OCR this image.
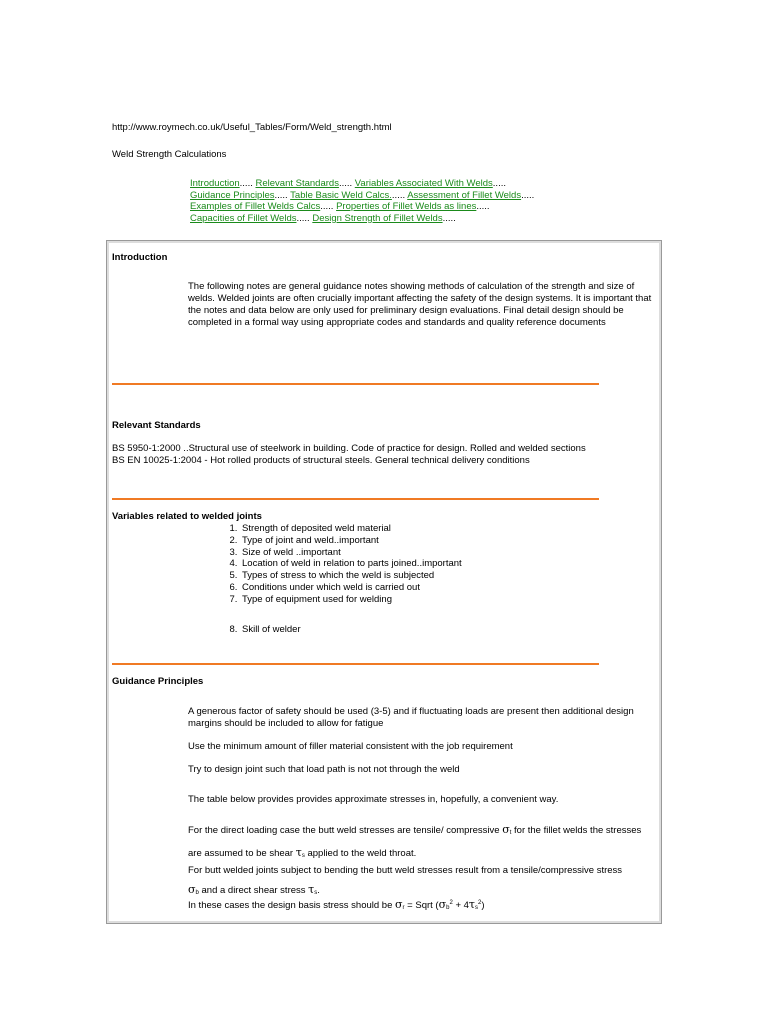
http://www.roymech.co.uk/Useful_Tables/Form/Weld_strength.html
Weld Strength Calculations
Introduction..... Relevant Standards..... Variables Associated With Welds.....
Guidance Principles..... Table Basic Weld Calcs...... Assessment of Fillet Welds.....
Examples of Fillet Welds Calcs..... Properties of Fillet Welds as lines.....
Capacities of Fillet Welds..... Design Strength of Fillet Welds.....
Introduction
The following notes are general guidance notes showing methods of calculation of the strength and size of welds. Welded joints are often crucially important affecting the safety of the design systems. It is important that the notes and data below are only used for preliminary design evaluations. Final detail design should be completed in a formal way using appropriate codes and standards and quality reference documents
Relevant Standards
BS 5950-1:2000 ..Structural use of steelwork in building. Code of practice for design. Rolled and welded sections
BS EN 10025-1:2004 - Hot rolled products of structural steels. General technical delivery conditions
Variables related to welded joints
1. Strength of deposited weld material
2. Type of joint and weld..important
3. Size of weld ..important
4. Location of weld in relation to parts joined..important
5. Types of stress to which the weld is subjected
6. Conditions under which weld is carried out
7. Type of equipment used for welding
8. Skill of welder
Guidance Principles
A generous factor of safety should be used (3-5) and if fluctuating loads are present then additional design margins should be included to allow for fatigue
Use the minimum amount of filler material consistent with the job requirement
Try to design joint such that load path is not not through the weld
The table below provides provides approximate stresses in, hopefully, a convenient way.
For the direct loading case the butt weld stresses are tensile/ compressive $\sigma_t$ for the fillet welds the stresses are assumed to be shear $\tau_s$ applied to the weld throat.
For butt welded joints subject to bending the butt weld stresses result from a tensile/compressive stress
$\sigma_b$ and a direct shear stress $\tau_s$.
In these cases the design basis stress should be $\sigma_r$ = Sqrt $(\sigma_b^2 + 4\tau_s^2)$
